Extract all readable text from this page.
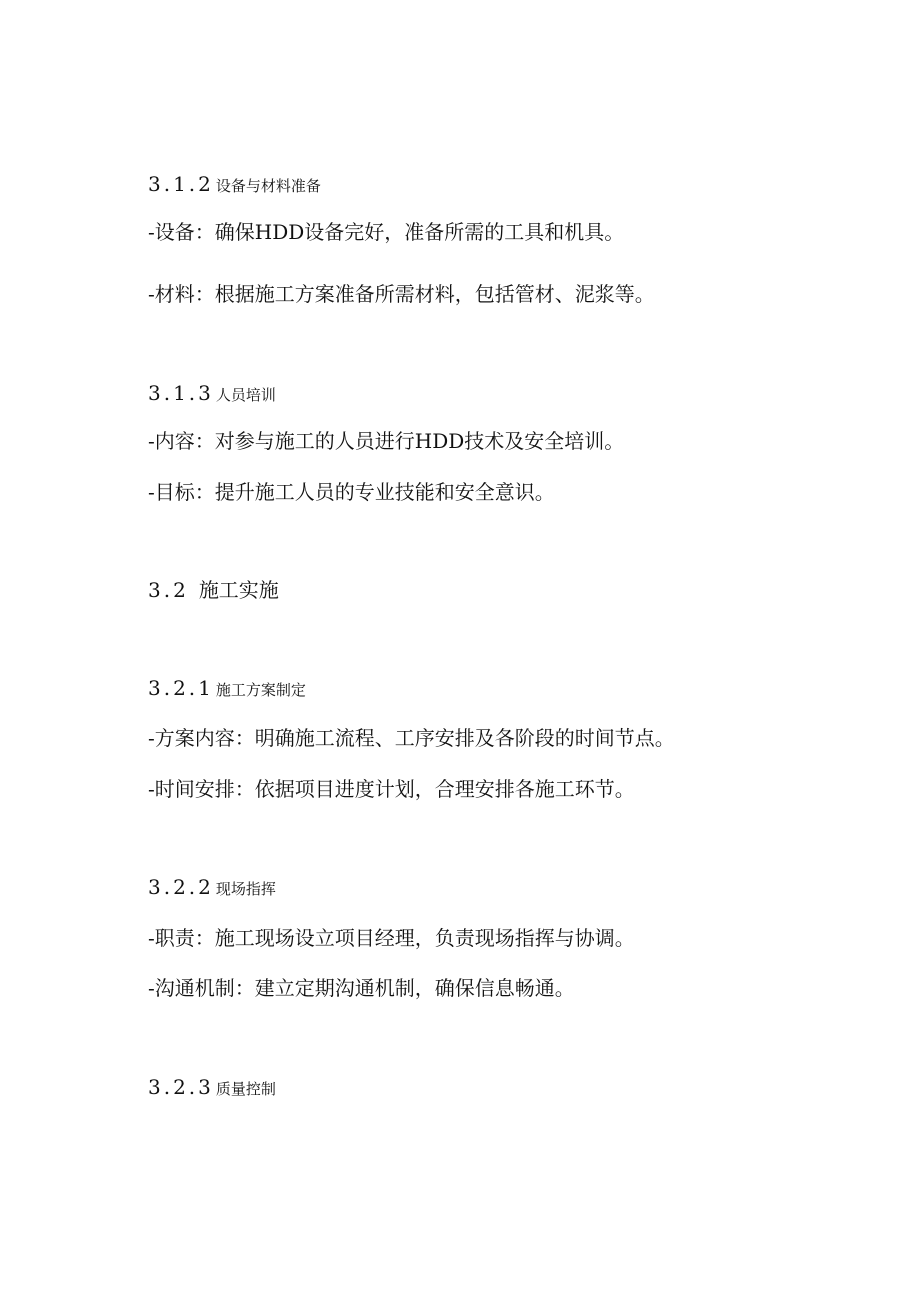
3.1.2 设备与材料准备
-设备：确保HDD设备完好，准备所需的工具和机具。
-材料：根据施工方案准备所需材料，包括管材、泥浆等。
3.1.3 人员培训
-内容：对参与施工的人员进行HDD技术及安全培训。
-目标：提升施工人员的专业技能和安全意识。
3.2 施工实施
3.2.1 施工方案制定
-方案内容：明确施工流程、工序安排及各阶段的时间节点。
-时间安排：依据项目进度计划，合理安排各施工环节。
3.2.2 现场指挥
-职责：施工现场设立项目经理，负责现场指挥与协调。
-沟通机制：建立定期沟通机制，确保信息畅通。
3.2.3 质量控制
